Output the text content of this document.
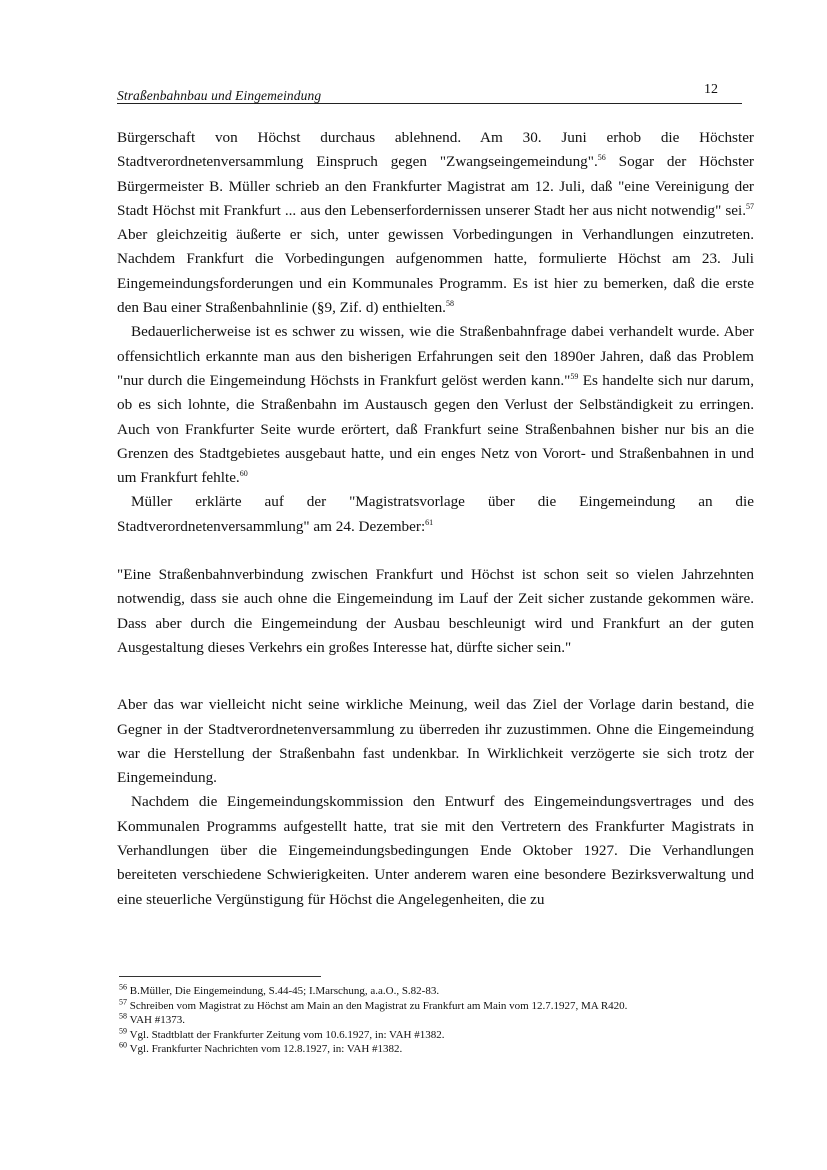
Straßenbahnbau und Eingemeindung	12

Bürgerschaft von Höchst durchaus ablehnend. Am 30. Juni erhob die Höchster Stadtverordnetenversammlung Einspruch gegen "Zwangseingemeindung".$^{56}$ Sogar der Höchster Bürgermeister B. Müller schrieb an den Frankfurter Magistrat am 12. Juli, daß "eine Vereinigung der Stadt Höchst mit Frankfurt ... aus den Lebenserfordernissen unserer Stadt her aus nicht notwendig" sei.$^{57}$ Aber gleichzeitig äußerte er sich, unter gewissen Vorbedingungen in Verhandlungen einzutreten. Nachdem Frankfurt die Vorbedingungen aufgenommen hatte, formulierte Höchst am 23. Juli Eingemeindungsforderungen und ein Kommunales Programm. Es ist hier zu bemerken, daß die erste den Bau einer Straßenbahnlinie (§9, Zif. d) enthielten.$^{58}$

Bedauerlicherweise ist es schwer zu wissen, wie die Straßenbahnfrage dabei verhandelt wurde. Aber offensichtlich erkannte man aus den bisherigen Erfahrungen seit den 1890er Jahren, daß das Problem "nur durch die Eingemeindung Höchsts in Frankfurt gelöst werden kann."$^{59}$ Es handelte sich nur darum, ob es sich lohnte, die Straßenbahn im Austausch gegen den Verlust der Selbständigkeit zu erringen. Auch von Frankfurter Seite wurde erörtert, daß Frankfurt seine Straßenbahnen bisher nur bis an die Grenzen des Stadtgebietes ausgebaut hatte, und ein enges Netz von Vorort- und Straßenbahnen in und um Frankfurt fehlte.$^{60}$

Müller erklärte auf der "Magistratsvorlage über die Eingemeindung an die Stadtverordnetenversammlung" am 24. Dezember:$^{61}$

"Eine Straßenbahnverbindung zwischen Frankfurt und Höchst ist schon seit so vielen Jahrzehnten notwendig, dass sie auch ohne die Eingemeindung im Lauf der Zeit sicher zustande gekommen wäre. Dass aber durch die Eingemeindung der Ausbau beschleunigt wird und Frankfurt an der guten Ausgestaltung dieses Verkehrs ein großes Interesse hat, dürfte sicher sein."

Aber das war vielleicht nicht seine wirkliche Meinung, weil das Ziel der Vorlage darin bestand, die Gegner in der Stadtverordnetenversammlung zu überreden ihr zuzustimmen. Ohne die Eingemeindung war die Herstellung der Straßenbahn fast undenkbar. In Wirklichkeit verzögerte sie sich trotz der Eingemeindung.

Nachdem die Eingemeindungskommission den Entwurf des Eingemeindungsvertrages und des Kommunalen Programms aufgestellt hatte, trat sie mit den Vertretern des Frankfurter Magistrats in Verhandlungen über die Eingemeindungsbedingungen Ende Oktober 1927. Die Verhandlungen bereiteten verschiedene Schwierigkeiten. Unter anderem waren eine besondere Bezirksverwaltung und eine steuerliche Vergünstigung für Höchst die Angelegenheiten, die zu

$^{56}$ B.Müller, Die Eingemeindung, S.44-45; I.Marschung, a.a.O., S.82-83.
$^{57}$ Schreiben vom Magistrat zu Höchst am Main an den Magistrat zu Frankfurt am Main vom 12.7.1927, MA R420.
$^{58}$ VAH #1373.
$^{59}$ Vgl. Stadtblatt der Frankfurter Zeitung vom 10.6.1927, in: VAH #1382.
$^{60}$ Vgl. Frankfurter Nachrichten vom 12.8.1927, in: VAH #1382.
